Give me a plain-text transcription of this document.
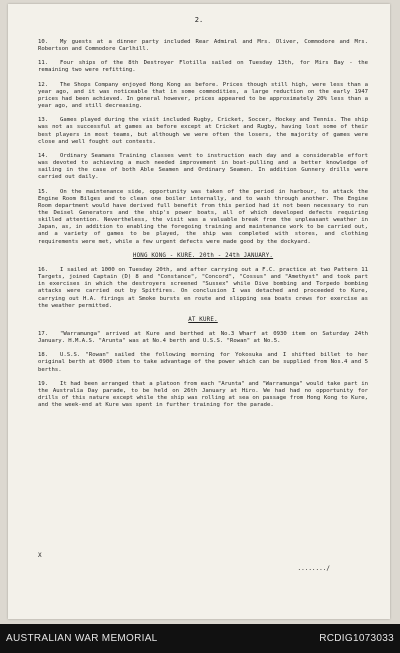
2.
10. My guests at a dinner party included Rear Admiral and Mrs. Oliver, Commodore and Mrs. Robertson and Commodore Carlhill.
11. Four ships of the 8th Destroyer Flotilla sailed on Tuesday 13th, for Mirs Bay - the remaining two were refitting.
12. The Shops Company enjoyed Hong Kong as before. Prices though still high, were less than a year ago, and it was noticeable that in some commodities, a large reduction on the early 1947 prices had been achieved. In general however, prices appeared to be approximately 20% less than a year ago, and still decreasing.
13. Games played during the visit included Rugby, Cricket, Soccer, Hockey and Tennis. The ship was not as successful at games as before except at Cricket and Rugby, having lost some of their best players in most teams, but although we were often the losers, the majority of games were close and well fought out contests.
14. Ordinary Seamans Training classes went to instruction each day and a considerable effort was devoted to achieving a much needed improvement in boat-pulling and a better knowledge of sailing in the case of both Able Seamen and Ordinary Seamen. In addition Gunnery drills were carried out daily.
15. On the maintenance side, opportunity was taken of the period in harbour, to attack the Engine Room Bilges and to clean one boiler internally, and to wash through another. The Engine Room department would have derived full benefit from this period had it not been necessary to run the Deisel Generators and the ship's power boats, all of which developed defects requiring skilled attention. Nevertheless, the visit was a valuable break from the unpleasant weather in Japan, as, in addition to enabling the foregoing training and maintenance work to be carried out, and a variety of games to be played, the ship was completed with stores, and clothing requirements were met, while a few urgent defects were made good by the dockyard.
HONG KONG - KURE. 20th - 24th JANUARY.
16. I sailed at 1000 on Tuesday 20th, and after carrying out a F.C. practice at two Pattern 11 Targets, joined Captain (D) 8 and "Constance", "Concord", "Cossus" and "Amethyst" and took part in exercises in which the destroyers screened "Sussex" while Dive bombing and Torpedo bombing attacks were carried out by Spitfires. On conclusion I was detached and proceeded to Kure, carrying out H.A. firings at Smoke bursts en route and slipping sea boats crews for exercise as the weather permitted.
AT KURE.
17. "Warramunga" arrived at Kure and berthed at No.3 Wharf at 0930 item on Saturday 24th January. H.M.A.S. "Arunta" was at No.4 berth and U.S.S. "Rowan" at No.5.
18. U.S.S. "Rowan" sailed the following morning for Yokosuka and I shifted billet to her original berth at 0900 item to take advantage of the power which can be supplied from Nos.4 and 5 berths.
19. It had been arranged that a platoon from each "Arunta" and "Warramunga" would take part in the Australia Day parade, to be held on 26th January at Hiro. We had had no opportunity for drills of this nature except while the ship was rolling at sea on passage from Hong Kong to Kure, and the week-end at Kure was spent in further training for the parade.
X
......../
AUSTRALIAN WAR MEMORIAL	RCDIG1073033
